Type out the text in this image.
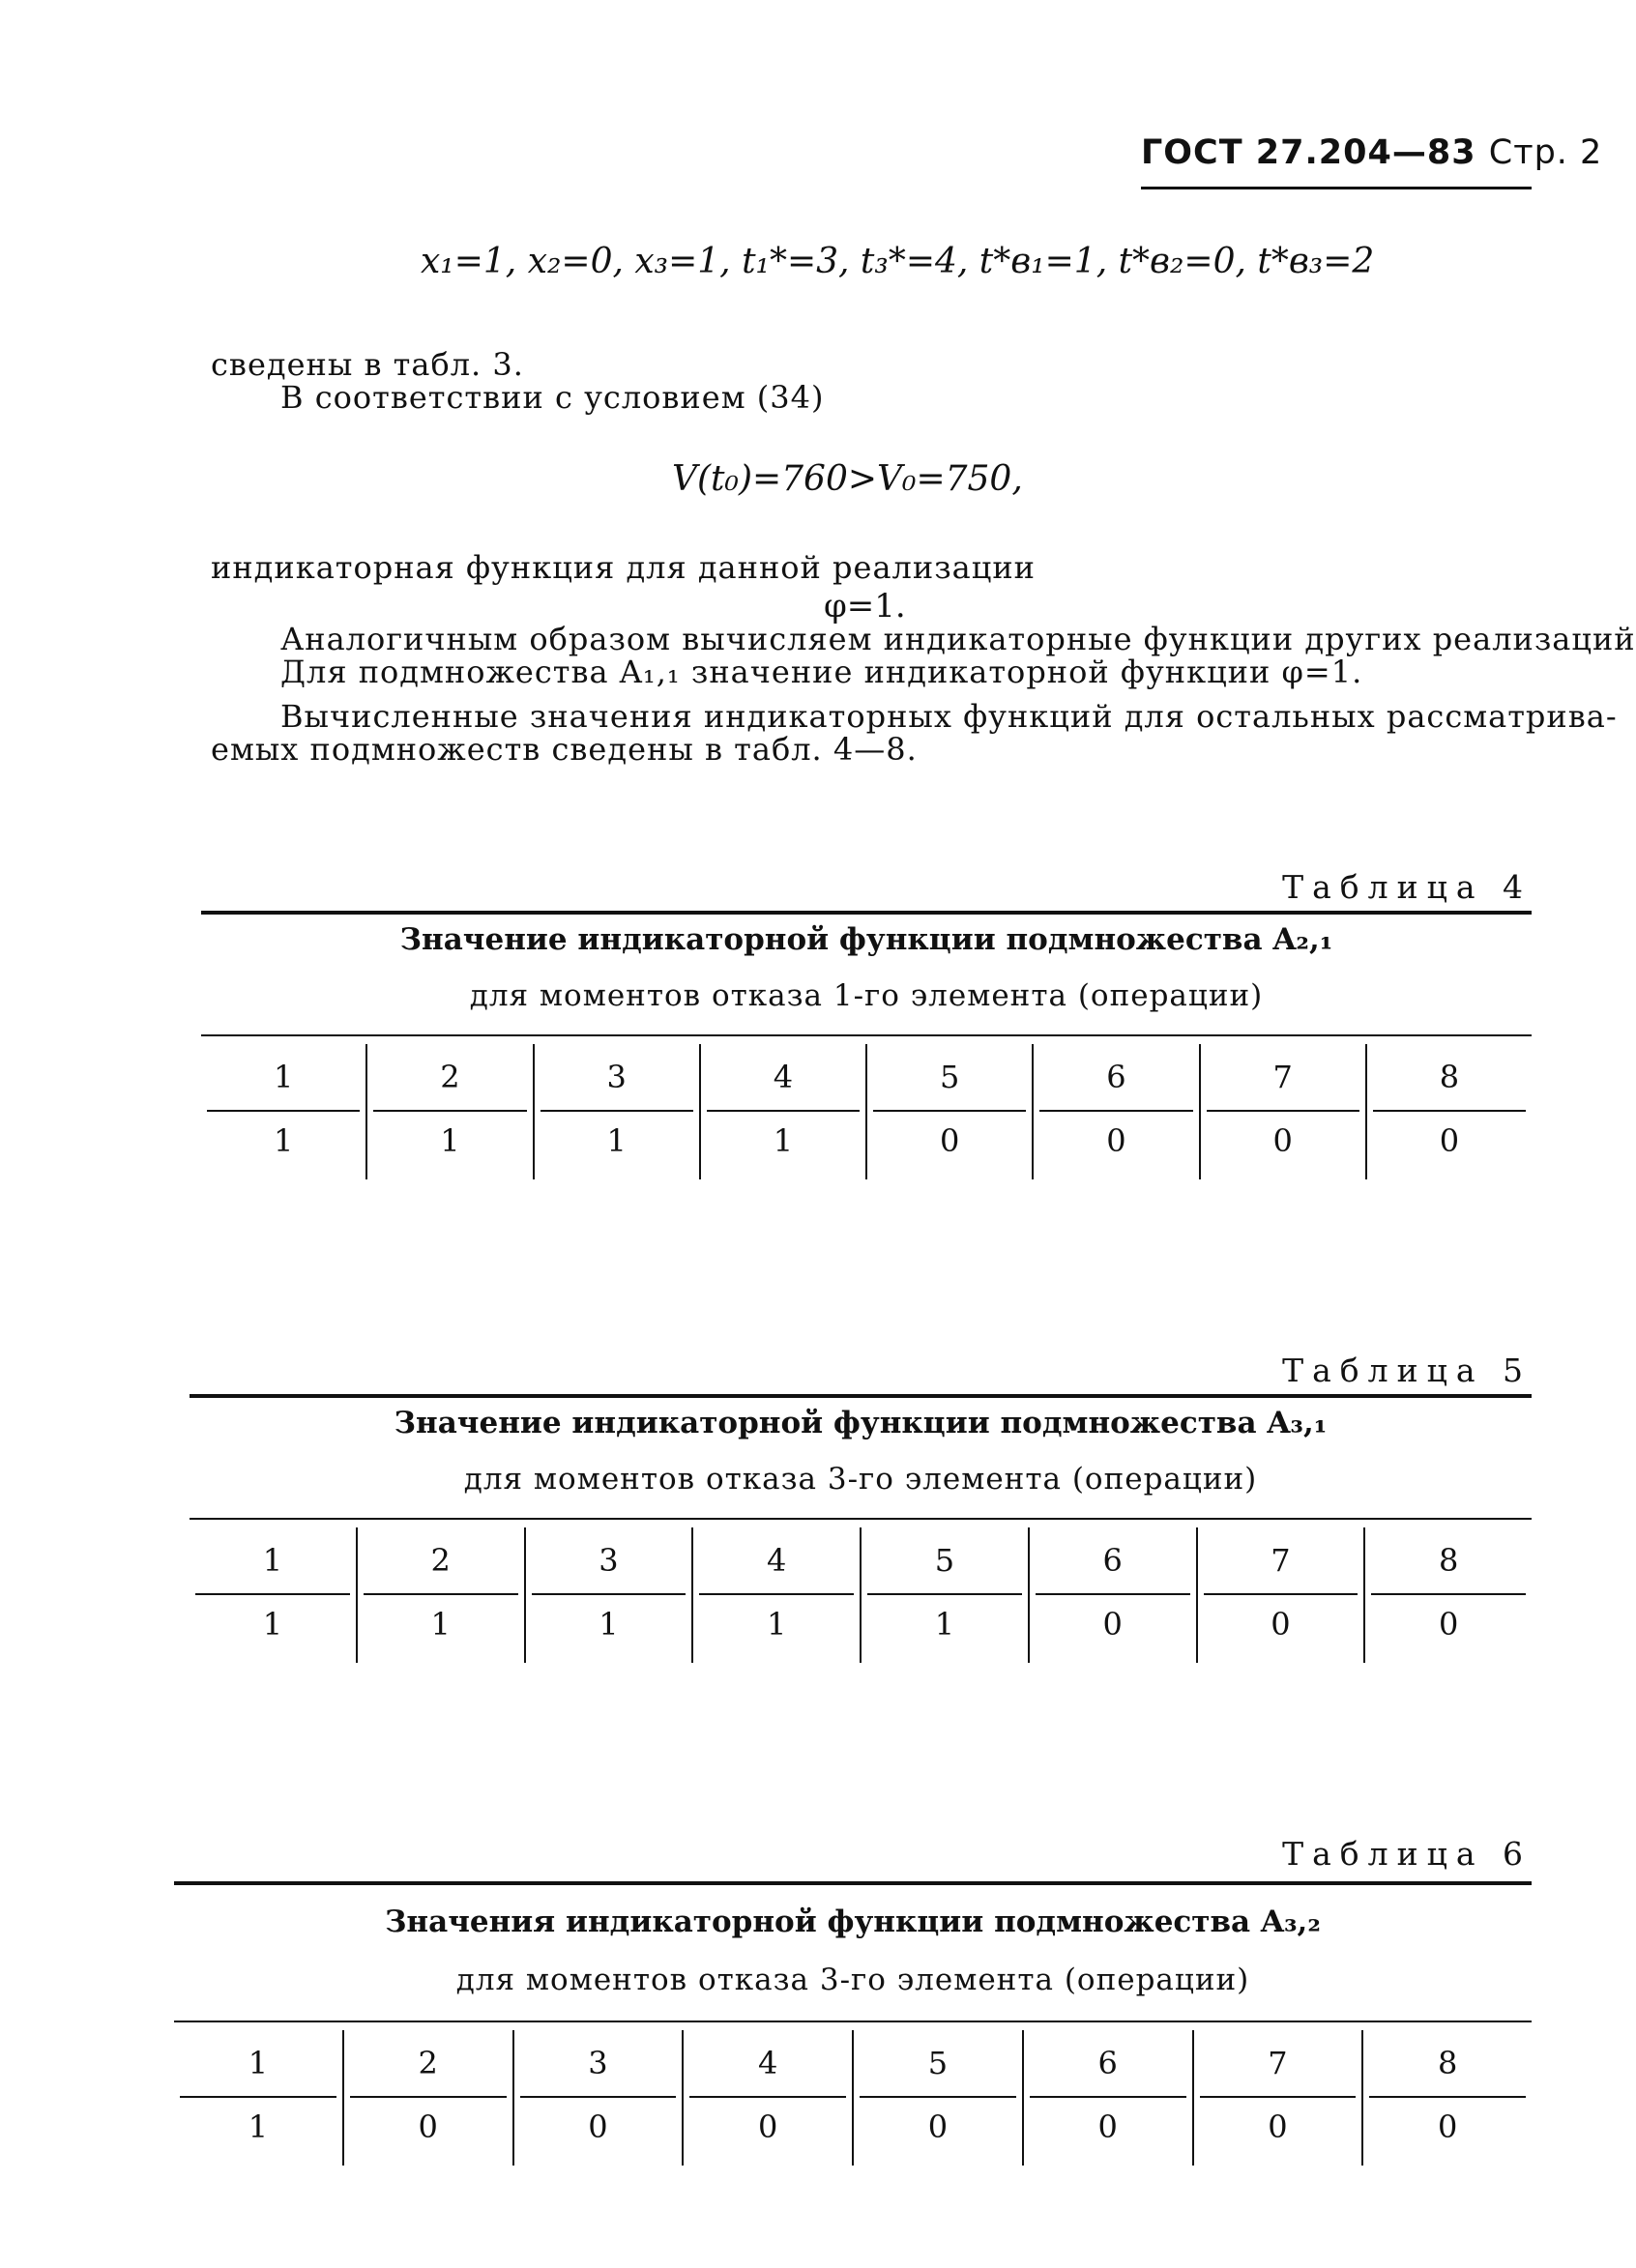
ГОСТ 27.204—83 Стр. 2
x₁=1, x₂=0, x₃=1, t₁*=3, t₃*=4, t*в₁=1, t*в₂=0, t*в₃=2
сведены в табл. 3.
В соответствии с условием (34)
V(t₀)=760>V₀=750,
индикаторная функция для данной реализации
φ=1.
Аналогичным образом вычисляем индикаторные функции других реализаций
Для подмножества A₁,₁ значение индикаторной функции φ=1.
Вычисленные значения индикаторных функций для остальных рассматрива-
емых подмножеств сведены в табл. 4—8.
Таблица 4
Значение индикаторной функции подмножества A₂,₁
для моментов отказа 1-го элемента (операции)
1
1
2
1
3
1
4
1
5
0
6
0
7
0
8
0
Таблица 5
Значение индикаторной функции подмножества A₃,₁
для моментов отказа 3-го элемента (операции)
1
1
2
1
3
1
4
1
5
1
6
0
7
0
8
0
Таблица 6
Значения индикаторной функции подмножества A₃,₂
для моментов отказа 3-го элемента (операции)
1
1
2
0
3
0
4
0
5
0
6
0
7
0
8
0
